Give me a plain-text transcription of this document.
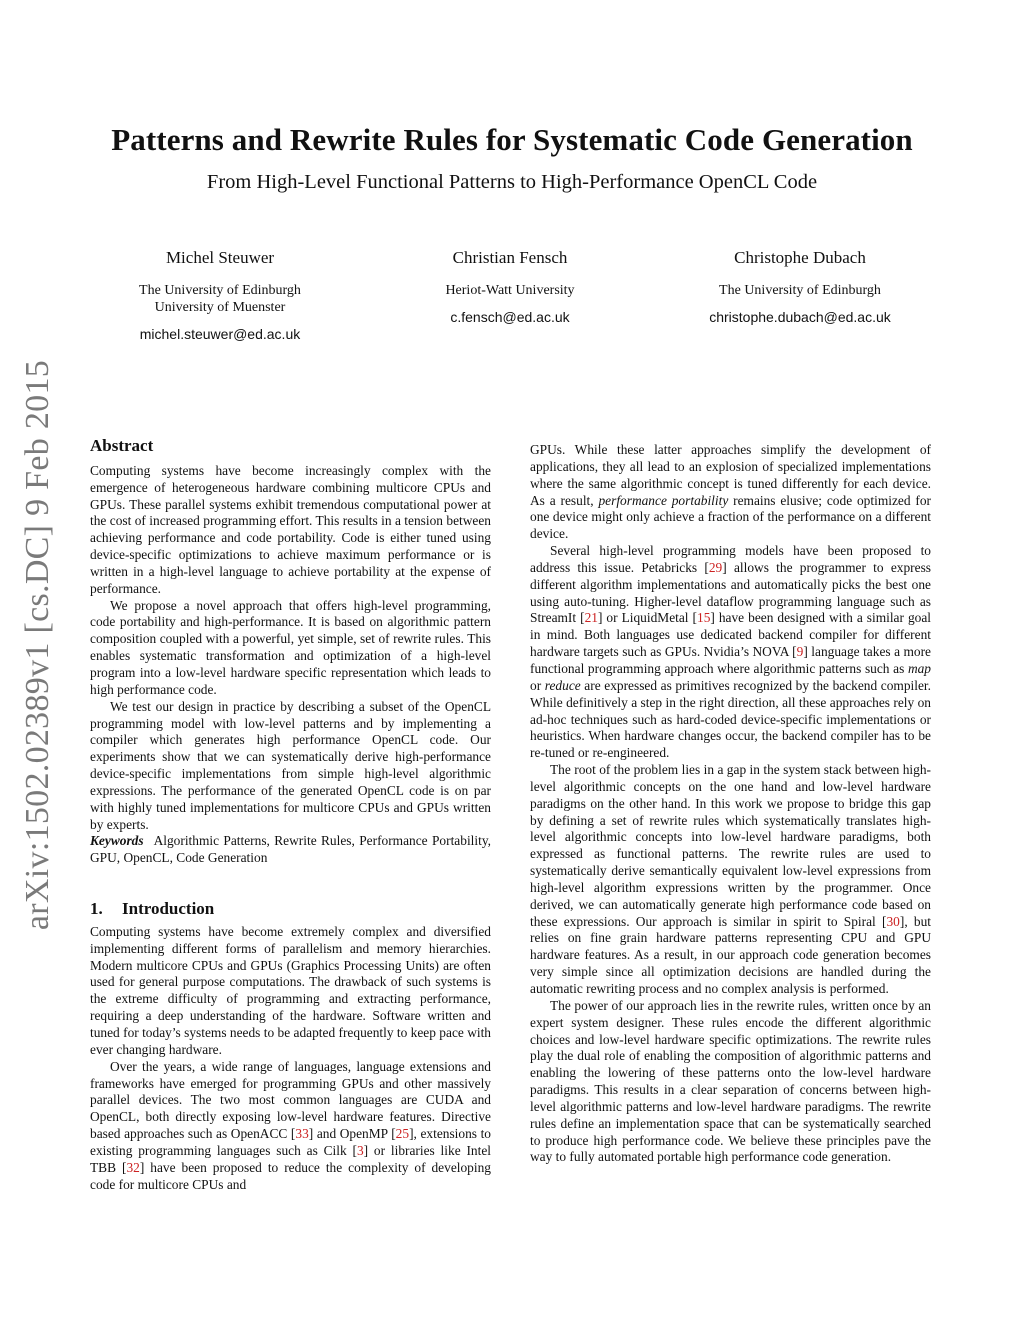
arXiv:1502.02389v1 [cs.DC] 9 Feb 2015
Patterns and Rewrite Rules for Systematic Code Generation
From High-Level Functional Patterns to High-Performance OpenCL Code
Michel Steuwer
The University of Edinburgh
University of Muenster
michel.steuwer@ed.ac.uk
Christian Fensch
Heriot-Watt University
c.fensch@ed.ac.uk
Christophe Dubach
The University of Edinburgh
christophe.dubach@ed.ac.uk
Abstract

Computing systems have become increasingly complex with the emergence of heterogeneous hardware combining multicore CPUs and GPUs. These parallel systems exhibit tremendous computational power at the cost of increased programming effort. This results in a tension between achieving performance and code portability. Code is either tuned using device-specific optimizations to achieve maximum performance or is written in a high-level language to achieve portability at the expense of performance.

We propose a novel approach that offers high-level programming, code portability and high-performance. It is based on algorithmic pattern composition coupled with a powerful, yet simple, set of rewrite rules. This enables systematic transformation and optimization of a high-level program into a low-level hardware specific representation which leads to high performance code.

We test our design in practice by describing a subset of the OpenCL programming model with low-level patterns and by implementing a compiler which generates high performance OpenCL code. Our experiments show that we can systematically derive high-performance device-specific implementations from simple high-level algorithmic expressions. The performance of the generated OpenCL code is on par with highly tuned implementations for multicore CPUs and GPUs written by experts.

Keywords Algorithmic Patterns, Rewrite Rules, Performance Portability, GPU, OpenCL, Code Generation

1. Introduction

Computing systems have become extremely complex and diversified implementing different forms of parallelism and memory hierarchies. Modern multicore CPUs and GPUs (Graphics Processing Units) are often used for general purpose computations. The drawback of such systems is the extreme difficulty of programming and extracting performance, requiring a deep understanding of the hardware. Software written and tuned for today’s systems needs to be adapted frequently to keep pace with ever changing hardware.

Over the years, a wide range of languages, language extensions and frameworks have emerged for programming GPUs and other massively parallel devices. The two most common languages are CUDA and OpenCL, both directly exposing low-level hardware features. Directive based approaches such as OpenACC [33] and OpenMP [25], extensions to existing programming languages such as Cilk [3] or libraries like Intel TBB [32] have been proposed to reduce the complexity of developing code for multicore CPUs and

GPUs. While these latter approaches simplify the development of applications, they all lead to an explosion of specialized implementations where the same algorithmic concept is tuned differently for each device. As a result, performance portability remains elusive; code optimized for one device might only achieve a fraction of the performance on a different device.

Several high-level programming models have been proposed to address this issue. Petabricks [29] allows the programmer to express different algorithm implementations and automatically picks the best one using auto-tuning. Higher-level dataflow programming language such as StreamIt [21] or LiquidMetal [15] have been designed with a similar goal in mind. Both languages use dedicated backend compiler for different hardware targets such as GPUs. Nvidia’s NOVA [9] language takes a more functional programming approach where algorithmic patterns such as map or reduce are expressed as primitives recognized by the backend compiler. While definitively a step in the right direction, all these approaches rely on ad-hoc techniques such as hard-coded device-specific implementations or heuristics. When hardware changes occur, the backend compiler has to be re-tuned or re-engineered.

The root of the problem lies in a gap in the system stack between high-level algorithmic concepts on the one hand and low-level hardware paradigms on the other hand. In this work we propose to bridge this gap by defining a set of rewrite rules which systematically translates high-level algorithmic concepts into low-level hardware paradigms, both expressed as functional patterns. The rewrite rules are used to systematically derive semantically equivalent low-level expressions from high-level algorithm expressions written by the programmer. Once derived, we can automatically generate high performance code based on these expressions. Our approach is similar in spirit to Spiral [30], but relies on fine grain hardware patterns representing CPU and GPU hardware features. As a result, in our approach code generation becomes very simple since all optimization decisions are handled during the automatic rewriting process and no complex analysis is performed.

The power of our approach lies in the rewrite rules, written once by an expert system designer. These rules encode the different algorithmic choices and low-level hardware specific optimizations. The rewrite rules play the dual role of enabling the composition of algorithmic patterns and enabling the lowering of these patterns onto the low-level hardware paradigms. This results in a clear separation of concerns between high-level algorithmic patterns and low-level hardware paradigms. The rewrite rules define an implementation space that can be systematically searched to produce high performance code. We believe these principles pave the way to fully automated portable high performance code generation.
